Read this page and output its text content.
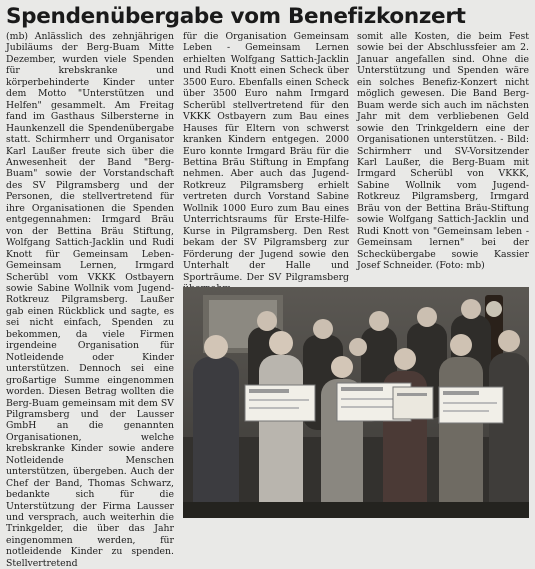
Spendenübergabe vom Benefizkonzert

(mb) Anlässlich des zehnjährigen Jubiläums der Berg-Buam Mitte Dezember, wurden viele Spenden für krebskranke und körperbehinderte Kinder unter dem Motto "Unterstützen und Helfen" gesammelt. Am Freitag fand im Gasthaus Silbersterne in Haunkenzell die Spendenübergabe statt. Schirmherr und Organisator Karl Laußer freute sich über die Anwesenheit der Band "Berg-Buam" sowie der Vorstandschaft des SV Pilgramsberg und der Personen, die stellvertretend für ihre Organisationen die Spenden entgegennahmen: Irmgard Bräu von der Bettina Bräu Stiftung, Wolfgang Sattich-Jacklin und Rudi Knott für Gemeinsam Leben-Gemeinsam Lernen, Irmgard Scherübl vom VKKK Ostbayern sowie Sabine Wollnik vom Jugend-Rotkreuz Pilgramsberg. Laußer gab einen Rückblick und sagte, es sei nicht einfach, Spenden zu bekommen, da viele Firmen irgendeine Organisation für Notleidende oder Kinder unterstützen. Dennoch sei eine großartige Summe eingenommen worden. Diesen Betrag wollten die Berg-Buam gemeinsam mit dem SV Pilgramsberg und der Lausser GmbH an die genannten Organisationen, welche krebskranke Kinder sowie andere Notleidende Menschen unterstützen, übergeben. Auch der Chef der Band, Thomas Schwarz, bedankte sich für die Unterstützung der Firma Lausser und versprach, auch weiterhin die Trinkgelder, die über das Jahr eingenommen werden, für notleidende Kinder zu spenden. Stellvertretend

für die Organisation Gemeinsam Leben - Gemeinsam Lernen erhielten Wolfgang Sattich-Jacklin und Rudi Knott einen Scheck über 3500 Euro. Ebenfalls einen Scheck über 3500 Euro nahm Irmgard Scherübl stellvertretend für den VKKK Ostbayern zum Bau eines Hauses für Eltern von schwerst kranken Kindern entgegen. 2000 Euro konnte Irmgard Bräu für die Bettina Bräu Stiftung in Empfang nehmen. Aber auch das Jugend-Rotkreuz Pilgramsberg erhielt vertreten durch Vorstand Sabine Wollnik 1000 Euro zum Bau eines Unterrichtsraums für Erste-Hilfe-Kurse in Pilgramsberg. Den Rest bekam der SV Pilgramsberg zur Förderung der Jugend sowie den Unterhalt der Halle und Sporträume. Der SV Pilgramsberg

somit alle Kosten, die beim Fest sowie bei der Abschlussfeier am 2. Januar angefallen sind. Ohne die Unterstützung und Spenden wäre ein solches Benefiz-Konzert nicht möglich gewesen. Die Band Berg-Buam werde sich auch im nächsten Jahr mit dem verbliebenen Geld sowie den Trinkgeldern eine der Organisationen unterstützen. - Bild: Schirmherr und SV-Vorsitzender Karl Laußer, die Berg-Buam mit Irmgard Scherübl von VKKK, Sabine Wollnik vom Jugend-Rotkreuz Pilgramsberg, Irmgard Bräu von der Bettina Bräu-Stiftung sowie Wolfgang Sattich-Jacklin und Rudi Knott von "Gemeinsam leben - Gemeinsam lernen" bei der Scheckübergabe sowie Kassier Josef Schneider. (Foto: mb)
